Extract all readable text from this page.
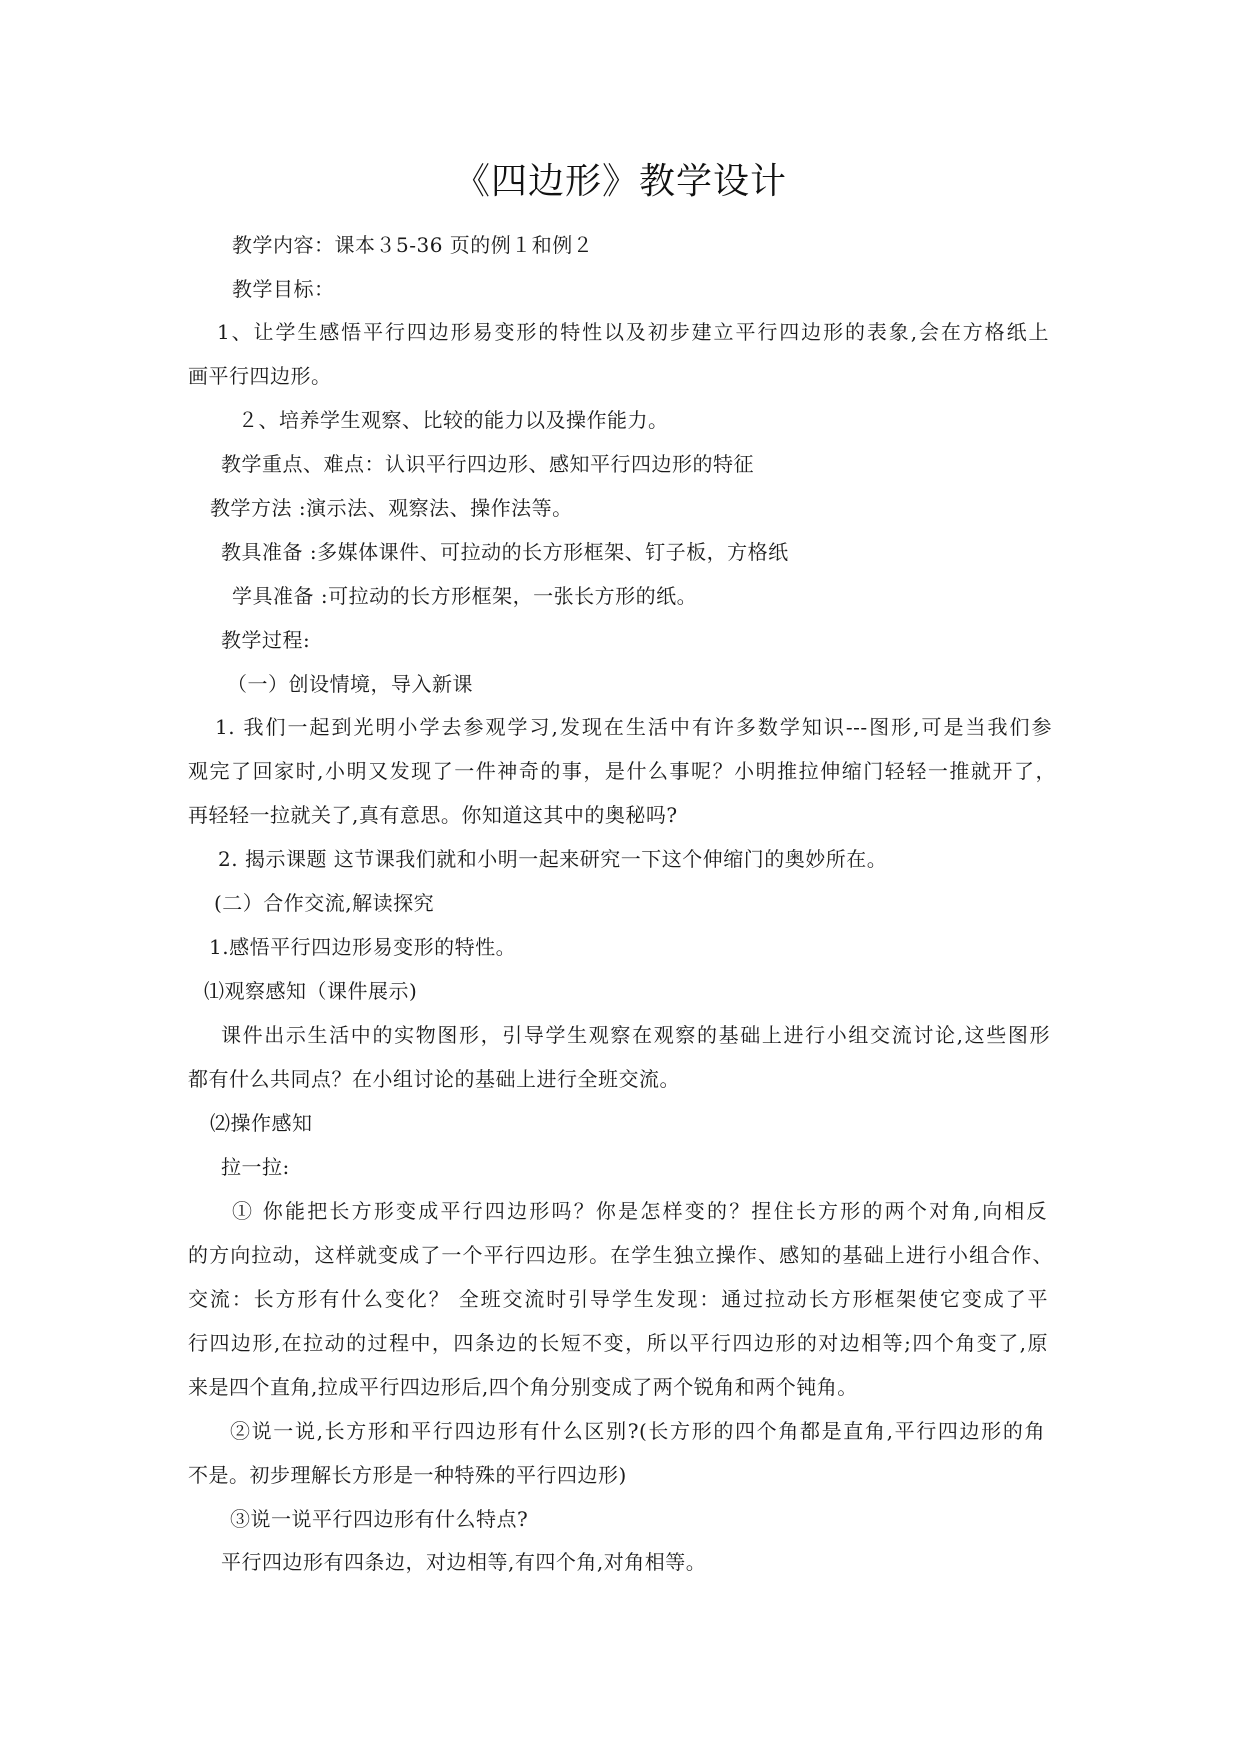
《四边形》教学设计
教学内容：课本３5-36 页的例１和例２
教学目标：
1、让学生感悟平行四边形易变形的特性以及初步建立平行四边形的表象,会在方格纸上
画平行四边形。
２、培养学生观察、比较的能力以及操作能力。
教学重点、难点：认识平行四边形、感知平行四边形的特征
教学方法 :演示法、观察法、操作法等。
教具准备 :多媒体课件、可拉动的长方形框架、钉子板，方格纸
学具准备 :可拉动的长方形框架，一张长方形的纸。
教学过程:
（一）创设情境，导入新课
1. 我们一起到光明小学去参观学习,发现在生活中有许多数学知识---图形,可是当我们参
观完了回家时,小明又发现了一件神奇的事，是什么事呢？小明推拉伸缩门轻轻一推就开了，
再轻轻一拉就关了,真有意思。你知道这其中的奥秘吗?
2. 揭示课题 这节课我们就和小明一起来研究一下这个伸缩门的奥妙所在。
(二）合作交流,解读探究
1.感悟平行四边形易变形的特性。
⑴观察感知（课件展示)
课件出示生活中的实物图形，引导学生观察在观察的基础上进行小组交流讨论,这些图形
都有什么共同点？在小组讨论的基础上进行全班交流。
⑵操作感知
拉一拉:
① 你能把长方形变成平行四边形吗？你是怎样变的？捏住长方形的两个对角,向相反
的方向拉动，这样就变成了一个平行四边形。在学生独立操作、感知的基础上进行小组合作、
交流：长方形有什么变化？ 全班交流时引导学生发现：通过拉动长方形框架使它变成了平
行四边形,在拉动的过程中，四条边的长短不变，所以平行四边形的对边相等;四个角变了,原
来是四个直角,拉成平行四边形后,四个角分别变成了两个锐角和两个钝角。
②说一说,长方形和平行四边形有什么区别?(长方形的四个角都是直角,平行四边形的角
不是。初步理解长方形是一种特殊的平行四边形)
③说一说平行四边形有什么特点?
平行四边形有四条边，对边相等,有四个角,对角相等。
